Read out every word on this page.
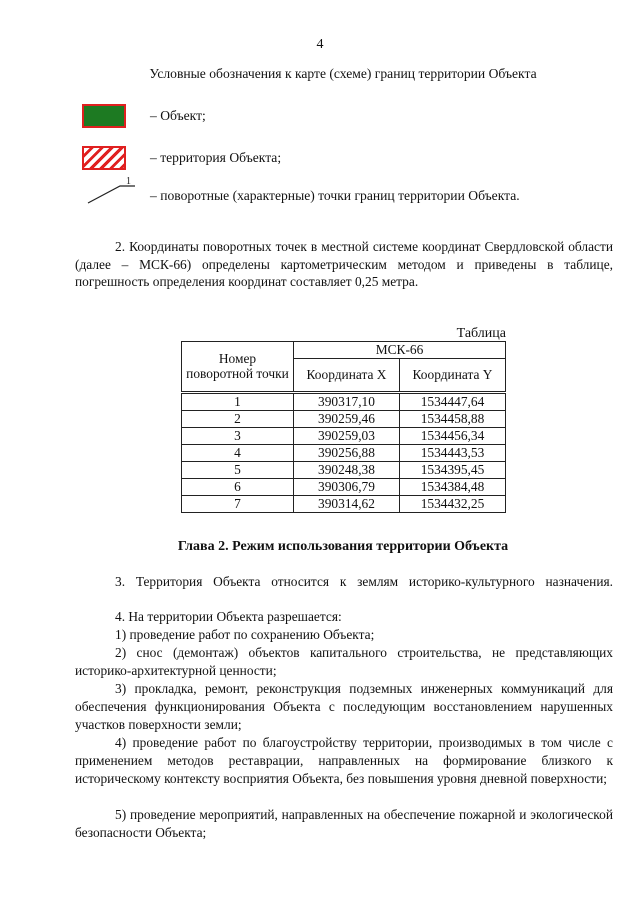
4
Условные обозначения к карте (схеме) границ территории Объекта
– Объект;
– территория Объекта;
1
– поворотные (характерные) точки границ территории Объекта.
2. Координаты поворотных точек в местной системе координат Свердловской области (далее – МСК-66) определены картометрическим методом и приведены в таблице, погрешность определения координат составляет 0,25 метра.
Таблица
Номер поворотной точки	МСК-66	
	Координата X	Координата Y
1	390317,10	1534447,64
2	390259,46	1534458,88
3	390259,03	1534456,34
4	390256,88	1534443,53
5	390248,38	1534395,45
6	390306,79	1534384,48
7	390314,62	1534432,25
Глава 2. Режим использования территории Объекта
3. Территория Объекта относится к землям историко-культурного назначения.
4. На территории Объекта разрешается:
1) проведение работ по сохранению Объекта;
2) снос (демонтаж) объектов капитального строительства, не представляющих историко-архитектурной ценности;
3) прокладка, ремонт, реконструкция подземных инженерных коммуникаций для обеспечения функционирования Объекта с последующим восстановлением нарушенных участков поверхности земли;
4) проведение работ по благоустройству территории, производимых в том числе с применением методов реставрации, направленных на формирование близкого к историческому контексту восприятия Объекта, без повышения уровня дневной поверхности;
5) проведение мероприятий, направленных на обеспечение пожарной и экологической безопасности Объекта;
